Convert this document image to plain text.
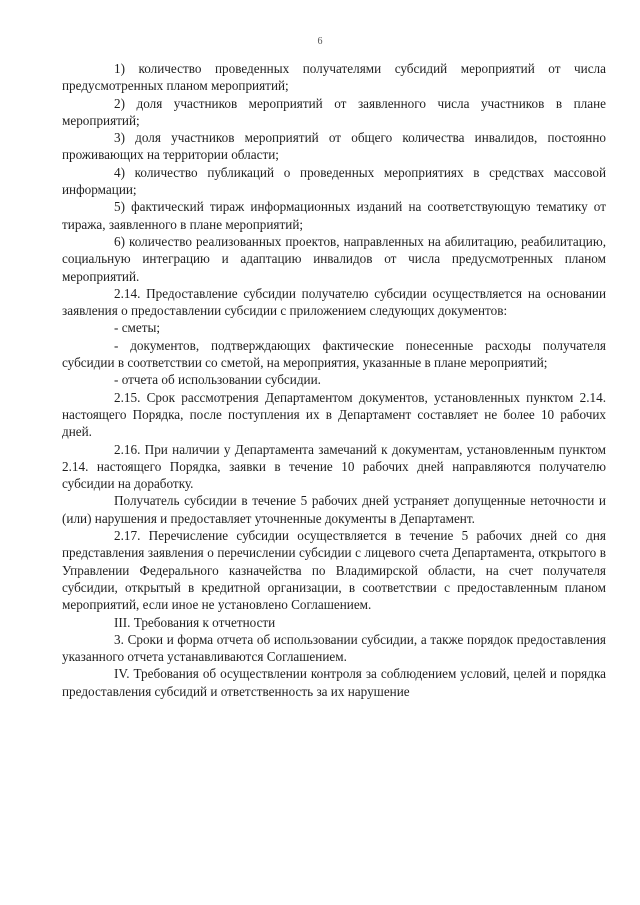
6

1) количество проведенных получателями субсидий мероприятий от числа предусмотренных планом мероприятий;

2) доля участников мероприятий от заявленного числа участников в плане мероприятий;

3) доля участников мероприятий от общего количества инвалидов, постоянно проживающих на территории области;

4) количество публикаций о проведенных мероприятиях в средствах массовой информации;

5) фактический тираж информационных изданий на соответствующую тематику от тиража, заявленного в плане мероприятий;

6) количество реализованных проектов, направленных на абилитацию, реабилитацию, социальную интеграцию и адаптацию инвалидов от числа предусмотренных планом мероприятий.

2.14. Предоставление субсидии получателю субсидии осуществляется на основании заявления о предоставлении субсидии с приложением следующих документов:

- сметы;

- документов, подтверждающих фактические понесенные расходы получателя субсидии в соответствии со сметой, на мероприятия, указанные в плане мероприятий;

- отчета об использовании субсидии.

2.15. Срок рассмотрения Департаментом документов, установленных пунктом 2.14. настоящего Порядка, после поступления их в Департамент составляет не более 10 рабочих дней.

2.16. При наличии у Департамента замечаний к документам, установленным пунктом 2.14. настоящего Порядка, заявки в течение 10 рабочих дней направляются получателю субсидии на доработку.

Получатель субсидии в течение 5 рабочих дней устраняет допущенные неточности и (или) нарушения и предоставляет уточненные документы в Департамент.

2.17. Перечисление субсидии осуществляется в течение 5 рабочих дней со дня представления заявления о перечислении субсидии с лицевого счета Департамента, открытого в Управлении Федерального казначейства по Владимирской области, на счет получателя субсидии, открытый в кредитной организации, в соответствии с предоставленным планом мероприятий, если иное не установлено Соглашением.

III. Требования к отчетности

3. Сроки и форма отчета об использовании субсидии, а также порядок предоставления указанного отчета устанавливаются Соглашением.

IV. Требования об осуществлении контроля за соблюдением условий, целей и порядка предоставления субсидий и ответственность за их нарушение
